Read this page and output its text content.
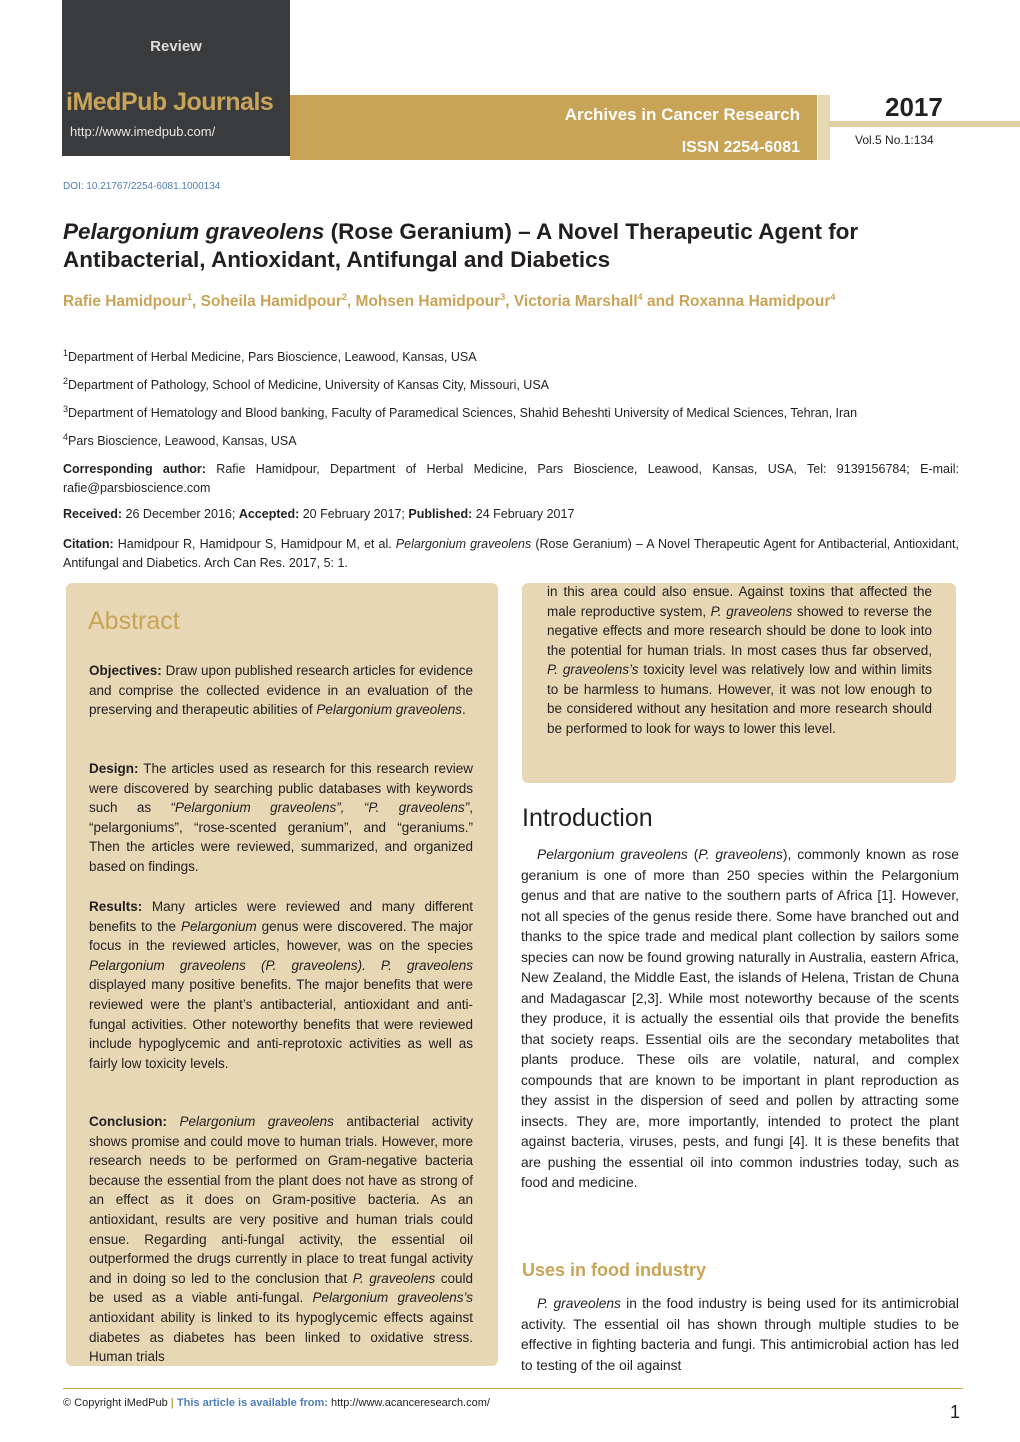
Review
iMedPub Journals
http://www.imedpub.com/
Archives in Cancer Research
ISSN 2254-6081
2017
Vol.5 No.1:134
DOI: 10.21767/2254-6081.1000134
Pelargonium graveolens (Rose Geranium) – A Novel Therapeutic Agent for Antibacterial, Antioxidant, Antifungal and Diabetics
Rafie Hamidpour$^1$, Soheila Hamidpour$^2$, Mohsen Hamidpour$^3$, Victoria Marshall$^4$ and Roxanna Hamidpour$^4$
$^1$Department of Herbal Medicine, Pars Bioscience, Leawood, Kansas, USA
$^2$Department of Pathology, School of Medicine, University of Kansas City, Missouri, USA
$^3$Department of Hematology and Blood banking, Faculty of Paramedical Sciences, Shahid Beheshti University of Medical Sciences, Tehran, Iran
$^4$Pars Bioscience, Leawood, Kansas, USA
Corresponding author: Rafie Hamidpour, Department of Herbal Medicine, Pars Bioscience, Leawood, Kansas, USA, Tel: 9139156784; E-mail: rafie@parsbioscience.com
Received: 26 December 2016; Accepted: 20 February 2017; Published: 24 February 2017
Citation: Hamidpour R, Hamidpour S, Hamidpour M, et al. Pelargonium graveolens (Rose Geranium) – A Novel Therapeutic Agent for Antibacterial, Antioxidant, Antifungal and Diabetics. Arch Can Res. 2017, 5: 1.
Abstract
Objectives: Draw upon published research articles for evidence and comprise the collected evidence in an evaluation of the preserving and therapeutic abilities of Pelargonium graveolens.
Design: The articles used as research for this research review were discovered by searching public databases with keywords such as “Pelargonium graveolens”, “P. graveolens”, “pelargoniums”, “rose-scented geranium”, and “geraniums.” Then the articles were reviewed, summarized, and organized based on findings.
Results: Many articles were reviewed and many different benefits to the Pelargonium genus were discovered. The major focus in the reviewed articles, however, was on the species Pelargonium graveolens (P. graveolens). P. graveolens displayed many positive benefits. The major benefits that were reviewed were the plant’s antibacterial, antioxidant and anti-fungal activities. Other noteworthy benefits that were reviewed include hypoglycemic and anti-reprotoxic activities as well as fairly low toxicity levels.
Conclusion: Pelargonium graveolens antibacterial activity shows promise and could move to human trials. However, more research needs to be performed on Gram-negative bacteria because the essential from the plant does not have as strong of an effect as it does on Gram-positive bacteria. As an antioxidant, results are very positive and human trials could ensue. Regarding anti-fungal activity, the essential oil outperformed the drugs currently in place to treat fungal activity and in doing so led to the conclusion that P. graveolens could be used as a viable anti-fungal. Pelargonium graveolens’s antioxidant ability is linked to its hypoglycemic effects against diabetes as diabetes has been linked to oxidative stress. Human trials
in this area could also ensue. Against toxins that affected the male reproductive system, P. graveolens showed to reverse the negative effects and more research should be done to look into the potential for human trials. In most cases thus far observed, P. graveolens’s toxicity level was relatively low and within limits to be harmless to humans. However, it was not low enough to be considered without any hesitation and more research should be performed to look for ways to lower this level.
Introduction
Pelargonium graveolens (P. graveolens), commonly known as rose geranium is one of more than 250 species within the Pelargonium genus and that are native to the southern parts of Africa [1]. However, not all species of the genus reside there. Some have branched out and thanks to the spice trade and medical plant collection by sailors some species can now be found growing naturally in Australia, eastern Africa, New Zealand, the Middle East, the islands of Helena, Tristan de Chuna and Madagascar [2,3]. While most noteworthy because of the scents they produce, it is actually the essential oils that provide the benefits that society reaps. Essential oils are the secondary metabolites that plants produce. These oils are volatile, natural, and complex compounds that are known to be important in plant reproduction as they assist in the dispersion of seed and pollen by attracting some insects. They are, more importantly, intended to protect the plant against bacteria, viruses, pests, and fungi [4]. It is these benefits that are pushing the essential oil into common industries today, such as food and medicine.
Uses in food industry
P. graveolens in the food industry is being used for its antimicrobial activity. The essential oil has shown through multiple studies to be effective in fighting bacteria and fungi. This antimicrobial action has led to testing of the oil against
© Copyright iMedPub | This article is available from: http://www.acanceresearch.com/	1
